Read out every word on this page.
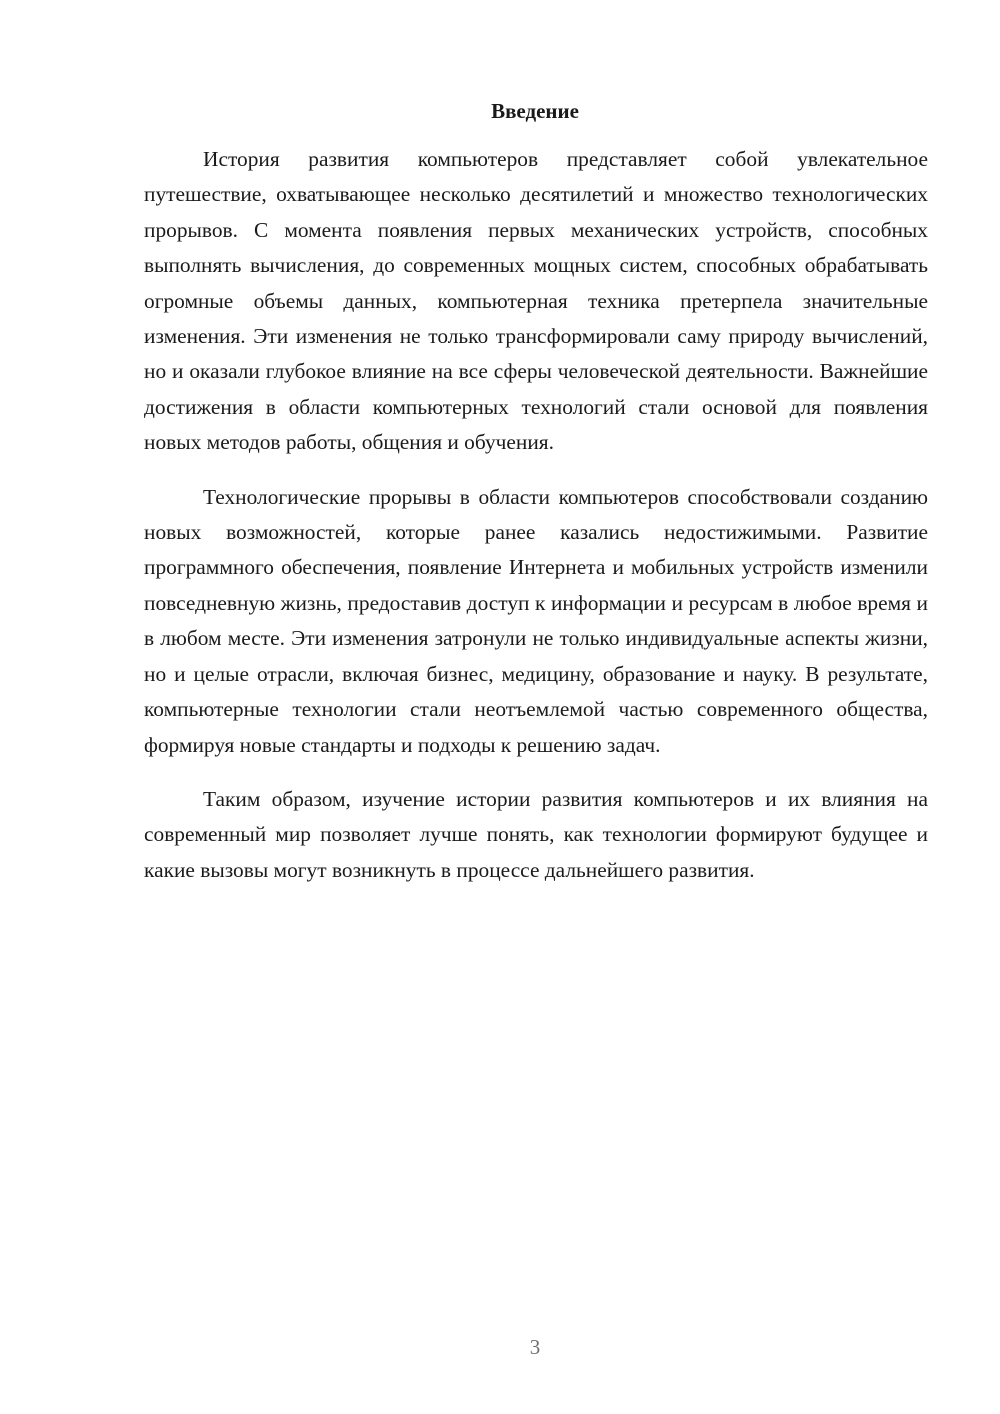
Введение

История развития компьютеров представляет собой увлекательное путешествие, охватывающее несколько десятилетий и множество технологических прорывов. С момента появления первых механических устройств, способных выполнять вычисления, до современных мощных систем, способных обрабатывать огромные объемы данных, компьютерная техника претерпела значительные изменения. Эти изменения не только трансформировали саму природу вычислений, но и оказали глубокое влияние на все сферы человеческой деятельности. Важнейшие достижения в области компьютерных технологий стали основой для появления новых методов работы, общения и обучения.

Технологические прорывы в области компьютеров способствовали созданию новых возможностей, которые ранее казались недостижимыми. Развитие программного обеспечения, появление Интернета и мобильных устройств изменили повседневную жизнь, предоставив доступ к информации и ресурсам в любое время и в любом месте. Эти изменения затронули не только индивидуальные аспекты жизни, но и целые отрасли, включая бизнес, медицину, образование и науку. В результате, компьютерные технологии стали неотъемлемой частью современного общества, формируя новые стандарты и подходы к решению задач.

Таким образом, изучение истории развития компьютеров и их влияния на современный мир позволяет лучше понять, как технологии формируют будущее и какие вызовы могут возникнуть в процессе дальнейшего развития.

3
